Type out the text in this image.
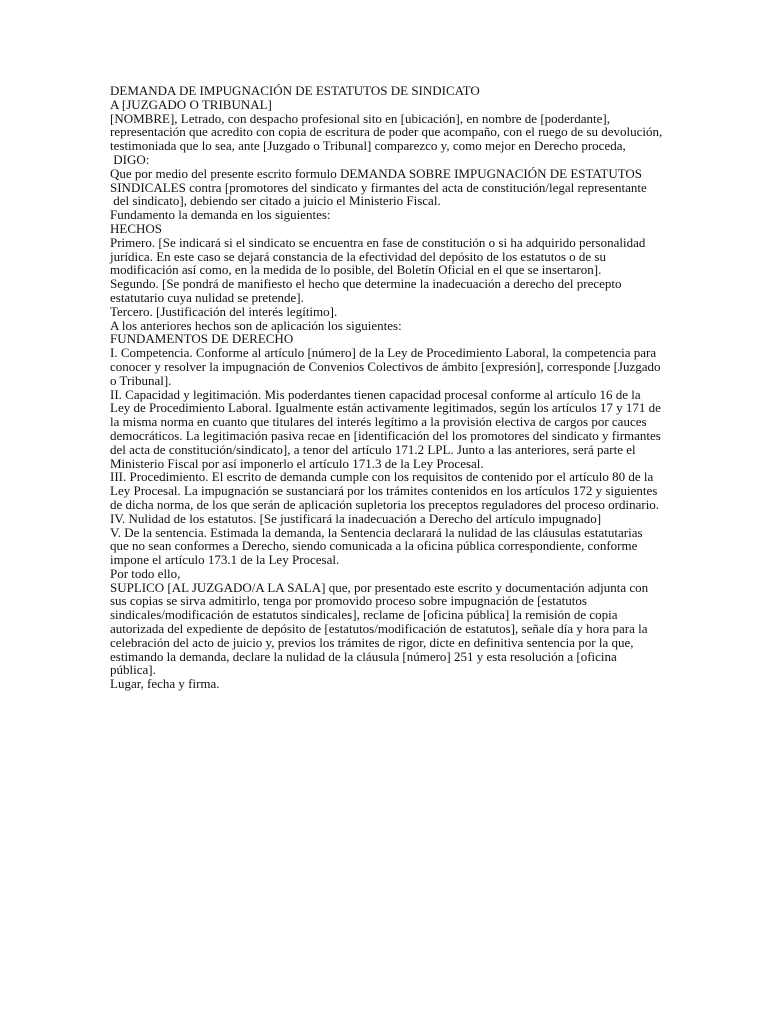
DEMANDA DE IMPUGNACIÓN DE ESTATUTOS DE SINDICATO
A [JUZGADO O TRIBUNAL]
[NOMBRE], Letrado, con despacho profesional sito en [ubicación], en nombre de [poderdante],
representación que acredito con copia de escritura de poder que acompaño, con el ruego de su devolución,
testimoniada que lo sea, ante [Juzgado o Tribunal] comparezco y, como mejor en Derecho proceda,
DIGO:
Que por medio del presente escrito formulo DEMANDA SOBRE IMPUGNACIÓN DE ESTATUTOS
SINDICALES contra [promotores del sindicato y firmantes del acta de constitución/legal representante
del sindicato], debiendo ser citado a juicio el Ministerio Fiscal.
Fundamento la demanda en los siguientes:
HECHOS
Primero. [Se indicará si el sindicato se encuentra en fase de constitución o si ha adquirido personalidad
jurídica. En este caso se dejará constancia de la efectividad del depósito de los estatutos o de su
modificación así como, en la medida de lo posible, del Boletín Oficial en el que se insertaron].
Segundo. [Se pondrá de manifiesto el hecho que determine la inadecuación a derecho del precepto
estatutario cuya nulidad se pretende].
Tercero. [Justificación del interés legítimo].
A los anteriores hechos son de aplicación los siguientes:
FUNDAMENTOS DE DERECHO
I. Competencia. Conforme al artículo [número] de la Ley de Procedimiento Laboral, la competencia para
conocer y resolver la impugnación de Convenios Colectivos de ámbito [expresión], corresponde [Juzgado
o Tribunal].
II. Capacidad y legitimación. Mis poderdantes tienen capacidad procesal conforme al artículo 16 de la
Ley de Procedimiento Laboral. Igualmente están activamente legitimados, según los artículos 17 y 171 de
la misma norma en cuanto que titulares del interés legítimo a la provisión electiva de cargos por cauces
democráticos. La legitimación pasiva recae en [identificación del los promotores del sindicato y firmantes
del acta de constitución/sindicato], a tenor del artículo 171.2 LPL. Junto a las anteriores, será parte el
Ministerio Fiscal por así imponerlo el artículo 171.3 de la Ley Procesal.
III. Procedimiento. El escrito de demanda cumple con los requisitos de contenido por el artículo 80 de la
Ley Procesal. La impugnación se sustanciará por los trámites contenidos en los artículos 172 y siguientes
de dicha norma, de los que serán de aplicación supletoria los preceptos reguladores del proceso ordinario.
IV. Nulidad de los estatutos. [Se justificará la inadecuación a Derecho del artículo impugnado]
V. De la sentencia. Estimada la demanda, la Sentencia declarará la nulidad de las cláusulas estatutarias
que no sean conformes a Derecho, siendo comunicada a la oficina pública correspondiente, conforme
impone el artículo 173.1 de la Ley Procesal.
Por todo ello,
SUPLICO [AL JUZGADO/A LA SALA] que, por presentado este escrito y documentación adjunta con
sus copias se sirva admitirlo, tenga por promovido proceso sobre impugnación de [estatutos
sindicales/modificación de estatutos sindicales], reclame de [oficina pública] la remisión de copia
autorizada del expediente de depósito de [estatutos/modificación de estatutos], señale día y hora para la
celebración del acto de juicio y, previos los trámites de rigor, dicte en definitiva sentencia por la que,
estimando la demanda, declare la nulidad de la cláusula [número] 251 y esta resolución a [oficina
pública].
Lugar, fecha y firma.
